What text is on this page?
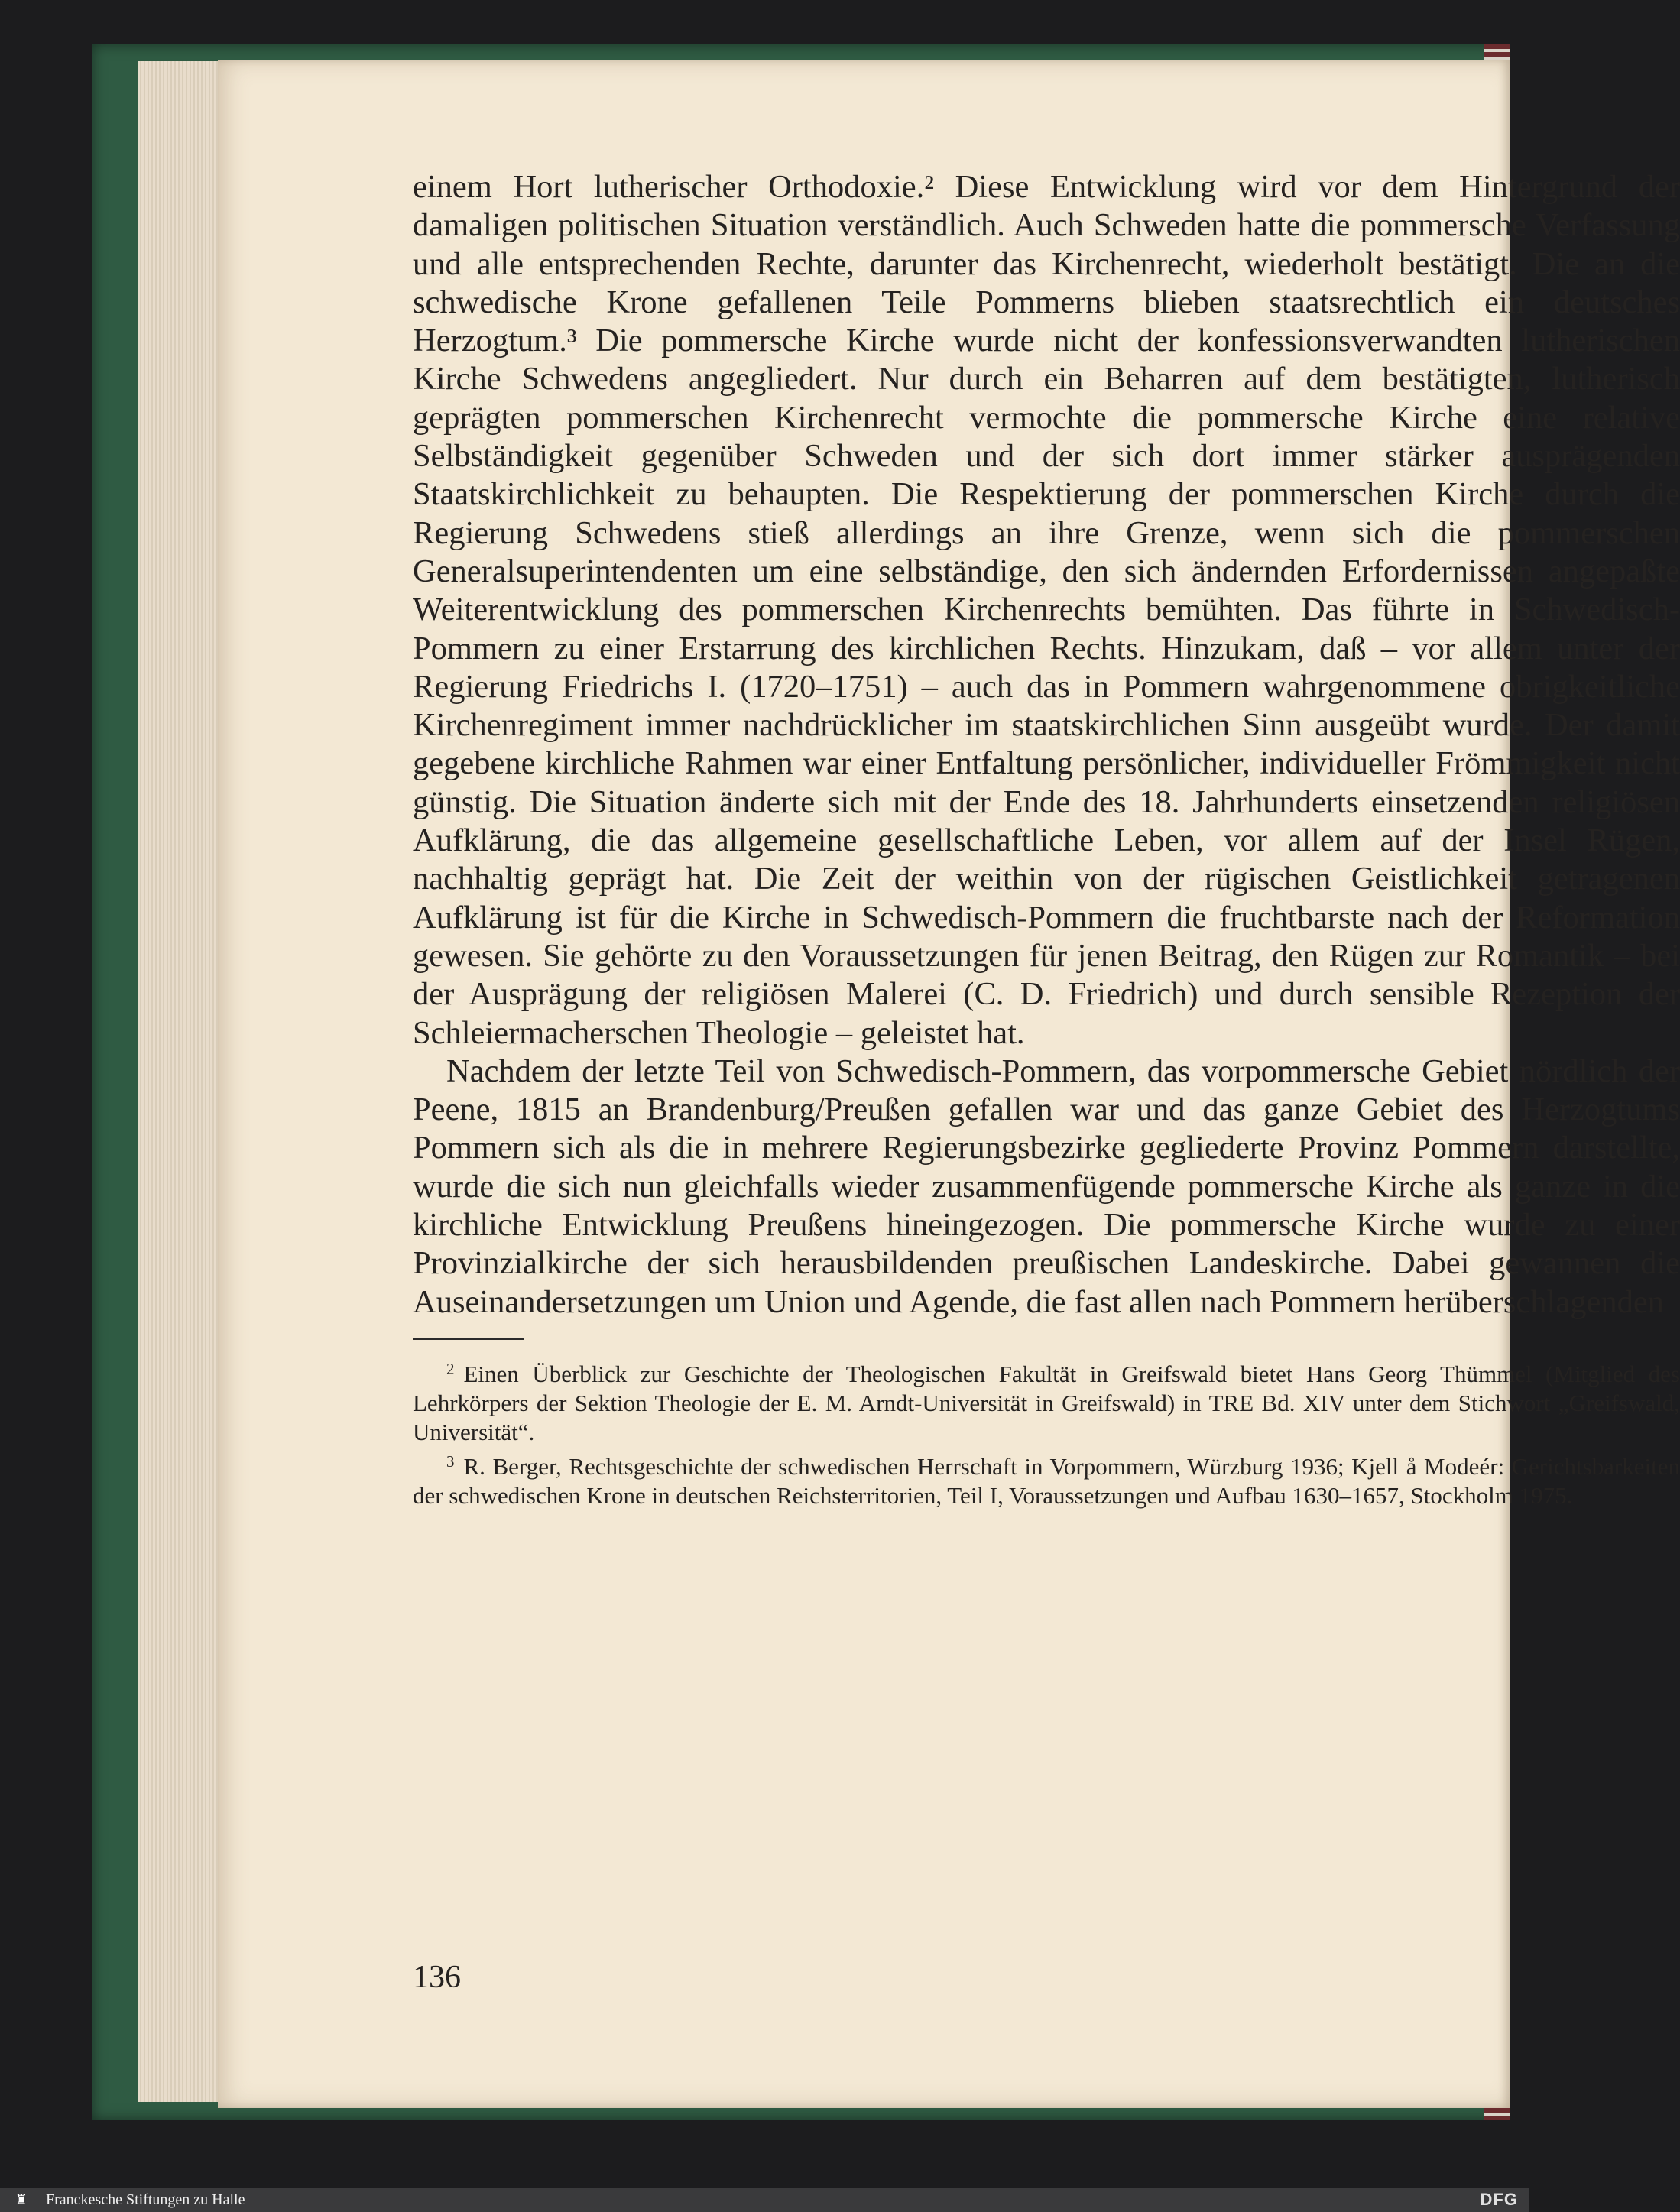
einem Hort lutherischer Orthodoxie.² Diese Entwicklung wird vor dem Hintergrund der damaligen politischen Situation verständlich. Auch Schweden hatte die pommersche Verfassung und alle entsprechenden Rechte, darunter das Kirchenrecht, wiederholt bestätigt. Die an die schwedische Krone gefallenen Teile Pommerns blieben staatsrechtlich ein deutsches Herzogtum.³ Die pommersche Kirche wurde nicht der konfessionsverwandten lutherischen Kirche Schwedens angegliedert. Nur durch ein Beharren auf dem bestätigten, lutherisch geprägten pommerschen Kirchenrecht vermochte die pommersche Kirche eine relative Selbständigkeit gegenüber Schweden und der sich dort immer stärker ausprägenden Staatskirchlichkeit zu behaupten. Die Respektierung der pommerschen Kirche durch die Regierung Schwedens stieß allerdings an ihre Grenze, wenn sich die pommerschen Generalsuperintendenten um eine selbständige, den sich ändernden Erfordernissen angepaßte Weiterentwicklung des pommerschen Kirchenrechts bemühten. Das führte in Schwedisch-Pommern zu einer Erstarrung des kirchlichen Rechts. Hinzukam, daß – vor allem unter der Regierung Friedrichs I. (1720–1751) – auch das in Pommern wahrgenommene obrigkeitliche Kirchenregiment immer nachdrücklicher im staatskirchlichen Sinn ausgeübt wurde. Der damit gegebene kirchliche Rahmen war einer Entfaltung persönlicher, individueller Frömmigkeit nicht günstig. Die Situation änderte sich mit der Ende des 18. Jahrhunderts einsetzenden religiösen Aufklärung, die das allgemeine gesellschaftliche Leben, vor allem auf der Insel Rügen, nachhaltig geprägt hat. Die Zeit der weithin von der rügischen Geistlichkeit getragenen Aufklärung ist für die Kirche in Schwedisch-Pommern die fruchtbarste nach der Reformation gewesen. Sie gehörte zu den Voraussetzungen für jenen Beitrag, den Rügen zur Romantik – bei der Ausprägung der religiösen Malerei (C. D. Friedrich) und durch sensible Rezeption der Schleiermacherschen Theologie – geleistet hat.

Nachdem der letzte Teil von Schwedisch-Pommern, das vorpommersche Gebiet nördlich der Peene, 1815 an Brandenburg/Preußen gefallen war und das ganze Gebiet des Herzogtums Pommern sich als die in mehrere Regierungsbezirke gegliederte Provinz Pommern darstellte, wurde die sich nun gleichfalls wieder zusammenfügende pommersche Kirche als ganze in die kirchliche Entwicklung Preußens hineingezogen. Die pommersche Kirche wurde zu einer Provinzialkirche der sich herausbildenden preußischen Landeskirche. Dabei gewannen die Auseinandersetzungen um Union und Agende, die fast allen nach Pommern herüberschlagenden

$^2$ Einen Überblick zur Geschichte der Theologischen Fakultät in Greifswald bietet Hans Georg Thümmel (Mitglied des Lehrkörpers der Sektion Theologie der E. M. Arndt-Universität in Greifswald) in TRE Bd. XIV unter dem Stichwort „Greifswald, Universität“.

$^3$ R. Berger, Rechtsgeschichte der schwedischen Herrschaft in Vorpommern, Würzburg 1936; Kjell å Modeér: Gerichtsbarkeiten der schwedischen Krone in deutschen Reichsterritorien, Teil I, Voraussetzungen und Aufbau 1630–1657, Stockholm 1975.

136
♜ Franckesche Stiftungen zu Halle	DFG
